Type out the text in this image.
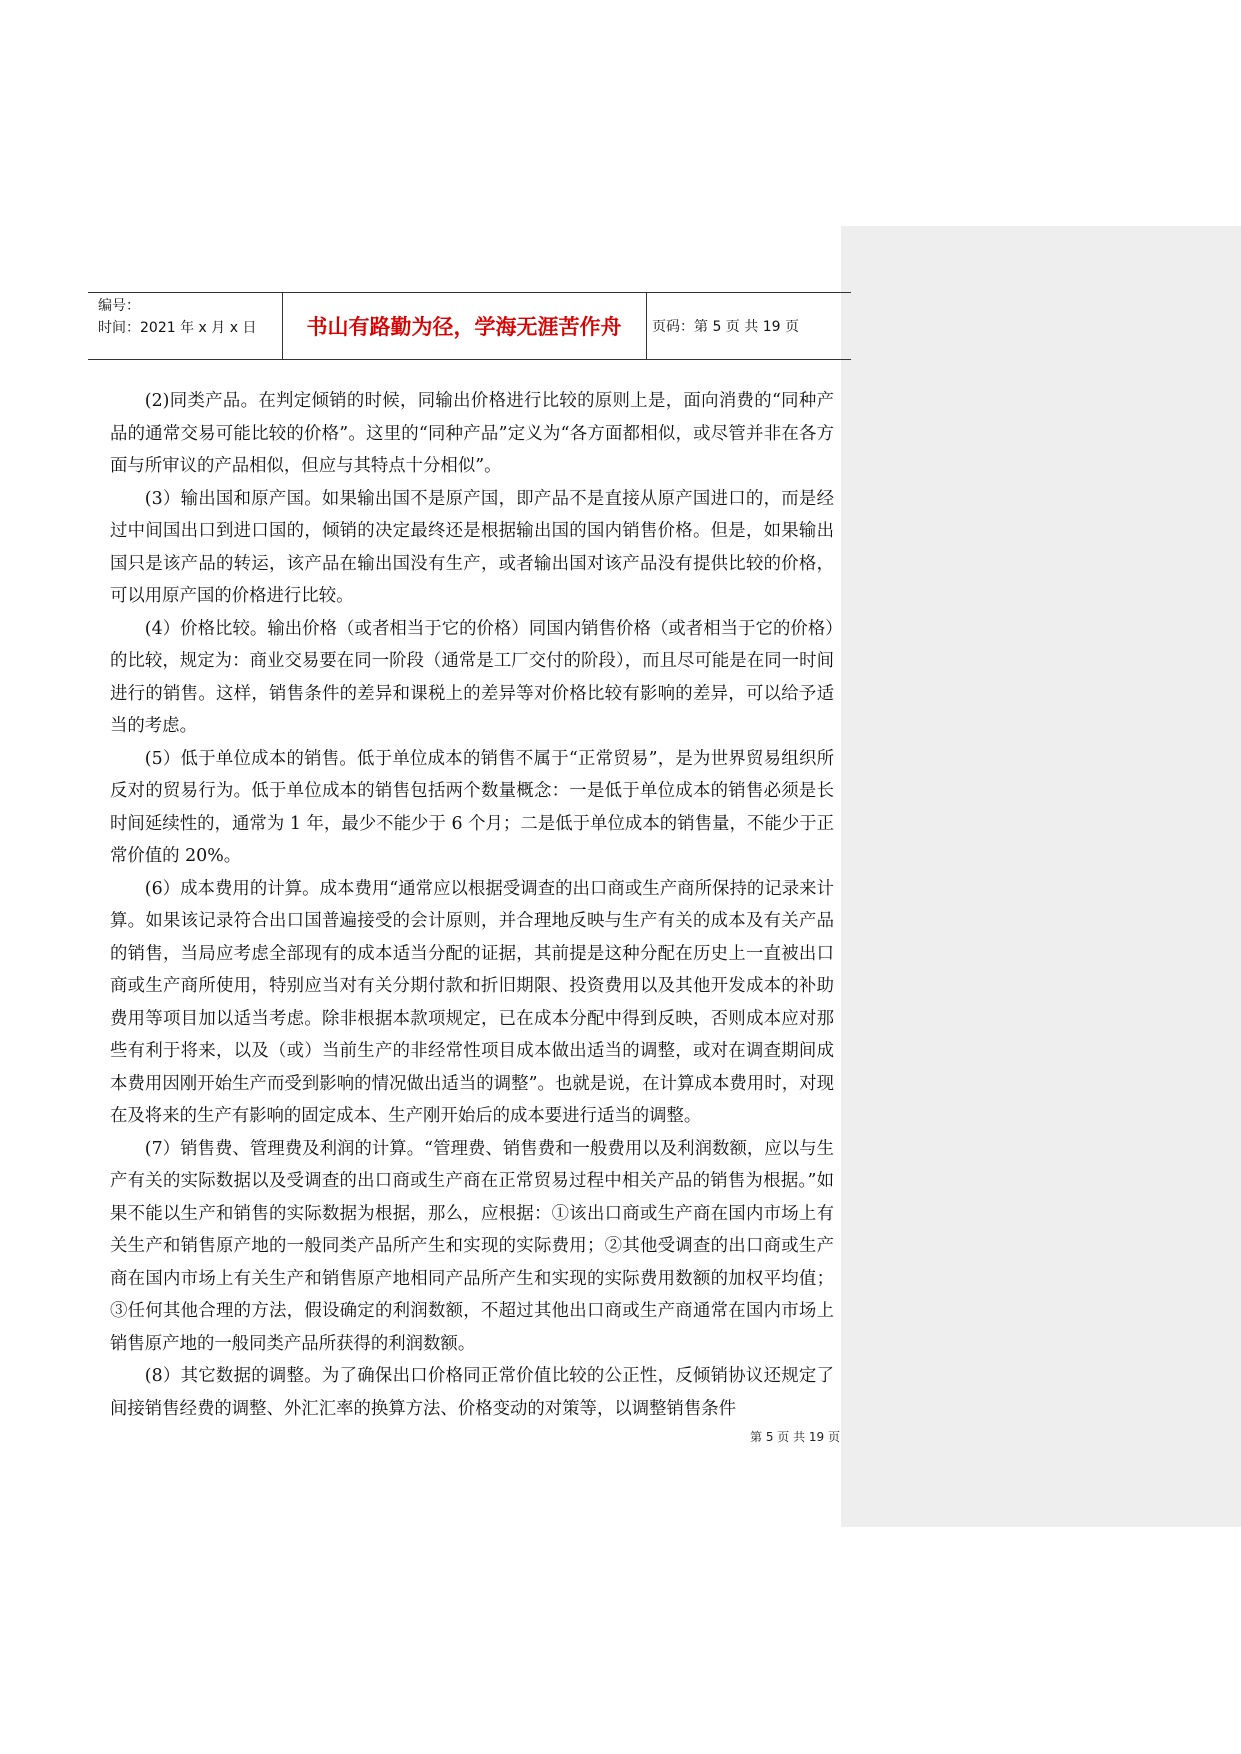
编号：
时间：2021 年 x 月 x 日	书山有路勤为径，学海无涯苦作舟	页码：第 5 页 共 19 页

(2)同类产品。在判定倾销的时候，同输出价格进行比较的原则上是，面向消费的“同种产品的通常交易可能比较的价格”。这里的“同种产品”定义为“各方面都相似，或尽管并非在各方面与所审议的产品相似，但应与其特点十分相似”。

(3）输出国和原产国。如果输出国不是原产国，即产品不是直接从原产国进口的，而是经过中间国出口到进口国的，倾销的决定最终还是根据输出国的国内销售价格。但是，如果输出国只是该产品的转运，该产品在输出国没有生产，或者输出国对该产品没有提供比较的价格，可以用原产国的价格进行比较。

(4）价格比较。输出价格（或者相当于它的价格）同国内销售价格（或者相当于它的价格）的比较，规定为：商业交易要在同一阶段（通常是工厂交付的阶段），而且尽可能是在同一时间进行的销售。这样，销售条件的差异和课税上的差异等对价格比较有影响的差异，可以给予适当的考虑。

(5）低于单位成本的销售。低于单位成本的销售不属于“正常贸易”，是为世界贸易组织所反对的贸易行为。低于单位成本的销售包括两个数量概念：一是低于单位成本的销售必须是长时间延续性的，通常为 1 年，最少不能少于 6 个月；二是低于单位成本的销售量，不能少于正常价值的 20%。

(6）成本费用的计算。成本费用“通常应以根据受调查的出口商或生产商所保持的记录来计算。如果该记录符合出口国普遍接受的会计原则，并合理地反映与生产有关的成本及有关产品的销售，当局应考虑全部现有的成本适当分配的证据，其前提是这种分配在历史上一直被出口商或生产商所使用，特别应当对有关分期付款和折旧期限、投资费用以及其他开发成本的补助费用等项目加以适当考虑。除非根据本款项规定，已在成本分配中得到反映，否则成本应对那些有利于将来，以及（或）当前生产的非经常性项目成本做出适当的调整，或对在调查期间成本费用因刚开始生产而受到影响的情况做出适当的调整”。也就是说，在计算成本费用时，对现在及将来的生产有影响的固定成本、生产刚开始后的成本要进行适当的调整。

(7）销售费、管理费及利润的计算。“管理费、销售费和一般费用以及利润数额，应以与生产有关的实际数据以及受调查的出口商或生产商在正常贸易过程中相关产品的销售为根据。”如果不能以生产和销售的实际数据为根据，那么，应根据：①该出口商或生产商在国内市场上有关生产和销售原产地的一般同类产品所产生和实现的实际费用；②其他受调查的出口商或生产商在国内市场上有关生产和销售原产地相同产品所产生和实现的实际费用数额的加权平均值；③任何其他合理的方法，假设确定的利润数额，不超过其他出口商或生产商通常在国内市场上销售原产地的一般同类产品所获得的利润数额。

(8）其它数据的调整。为了确保出口价格同正常价值比较的公正性，反倾销协议还规定了间接销售经费的调整、外汇汇率的换算方法、价格变动的对策等，以调整销售条件

第 5 页 共 19 页
